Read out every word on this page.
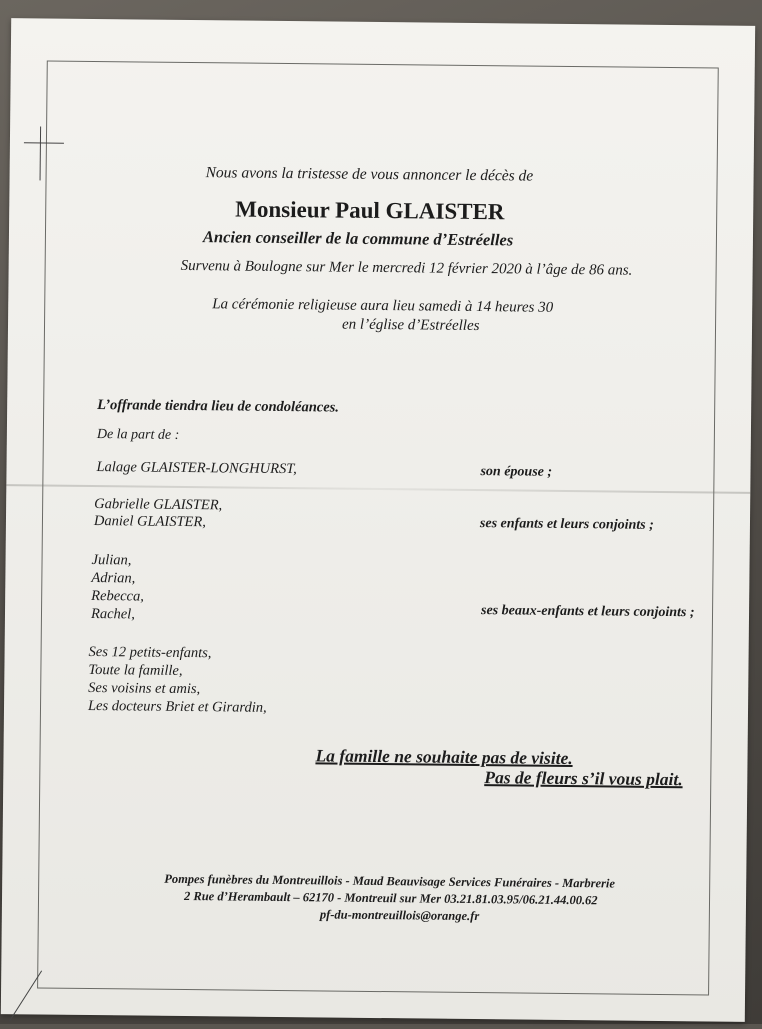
Nous avons la tristesse de vous annoncer le décès de
Monsieur Paul GLAISTER
Ancien conseiller de la commune d’Estréelles
Survenu à Boulogne sur Mer le mercredi 12 février 2020 à l’âge de 86 ans.
La cérémonie religieuse aura lieu samedi à 14 heures 30
en l’église d’Estréelles
L’offrande tiendra lieu de condoléances.
De la part de :
Lalage GLAISTER-LONGHURST,	son épouse ;
Gabrielle GLAISTER,
Daniel GLAISTER,	ses enfants et leurs conjoints ;
Julian,
Adrian,
Rebecca,
Rachel,	ses beaux-enfants et leurs conjoints ;
Ses 12 petits-enfants,
Toute la famille,
Ses voisins et amis,
Les docteurs Briet et Girardin,
La famille ne souhaite pas de visite.
Pas de fleurs s’il vous plait.
Pompes funèbres du Montreuillois - Maud Beauvisage Services Funéraires - Marbrerie
2 Rue d’Herambault – 62170 - Montreuil sur Mer 03.21.81.03.95/06.21.44.00.62
pf-du-montreuillois@orange.fr
